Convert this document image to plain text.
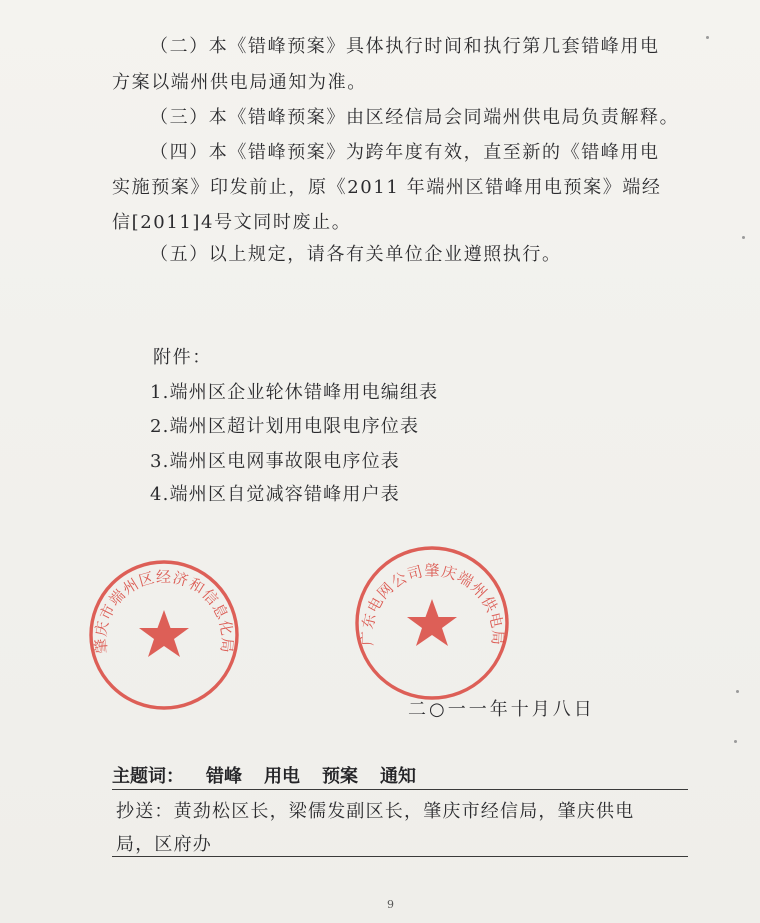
（二）本《错峰预案》具体执行时间和执行第几套错峰用电
方案以端州供电局通知为准。
（三）本《错峰预案》由区经信局会同端州供电局负责解释。
（四）本《错峰预案》为跨年度有效，直至新的《错峰用电
实施预案》印发前止，原《2011 年端州区错峰用电预案》端经
信[2011]4号文同时废止。
（五）以上规定，请各有关单位企业遵照执行。
附件：
1.端州区企业轮休错峰用电编组表
2.端州区超计划用电限电序位表
3.端州区电网事故限电序位表
4.端州区自觉减容错峰用户表
肇庆市端州区经济和信息化局	广东电网公司肇庆端州供电局
二○一一年十月八日
主题词： 错峰 用电 预案 通知
抄送：黄劲松区长，梁儒发副区长，肇庆市经信局，肇庆供电
局，区府办
9
